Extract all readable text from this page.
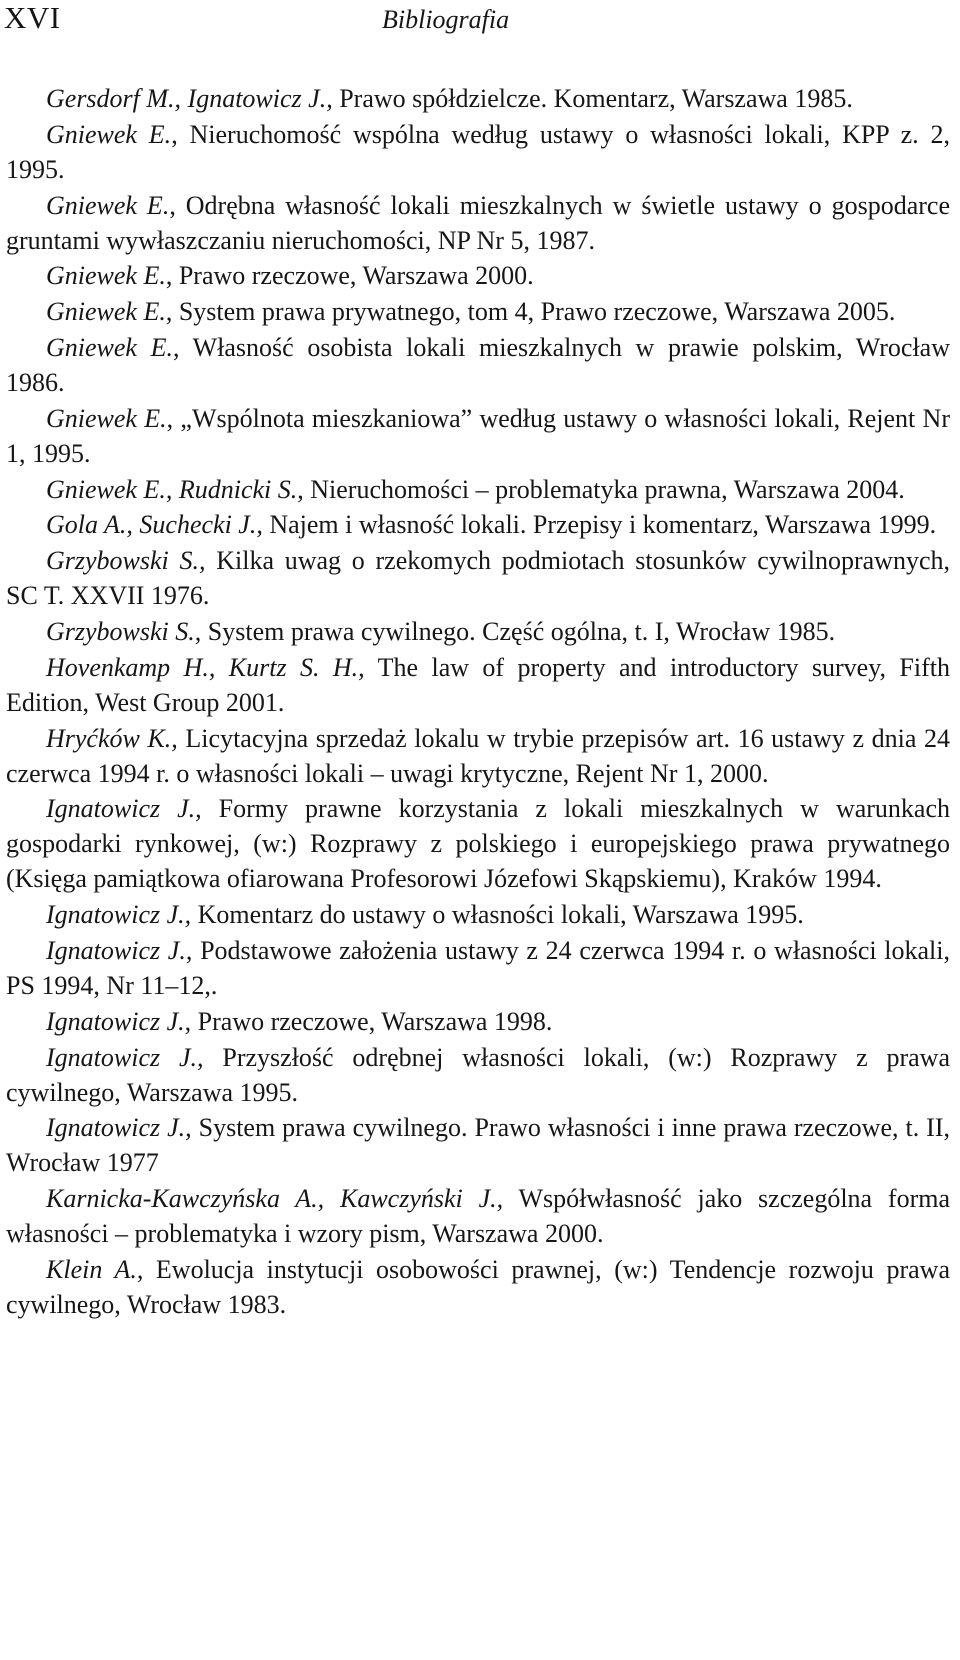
XVI	Bibliografia

Gersdorf M., Ignatowicz J., Prawo spółdzielcze. Komentarz, Warszawa 1985.

Gniewek E., Nieruchomość wspólna według ustawy o własności lokali, KPP z. 2, 1995.

Gniewek E., Odrębna własność lokali mieszkalnych w świetle ustawy o gospodarce gruntami wywłaszczaniu nieruchomości, NP Nr 5, 1987.

Gniewek E., Prawo rzeczowe, Warszawa 2000.

Gniewek E., System prawa prywatnego, tom 4, Prawo rzeczowe, Warszawa 2005.

Gniewek E., Własność osobista lokali mieszkalnych w prawie polskim, Wrocław 1986.

Gniewek E., „Wspólnota mieszkaniowa” według ustawy o własności lokali, Rejent Nr 1, 1995.

Gniewek E., Rudnicki S., Nieruchomości – problematyka prawna, Warszawa 2004.

Gola A., Suchecki J., Najem i własność lokali. Przepisy i komentarz, Warszawa 1999.

Grzybowski S., Kilka uwag o rzekomych podmiotach stosunków cywilnoprawnych, SC T. XXVII 1976.

Grzybowski S., System prawa cywilnego. Część ogólna, t. I, Wrocław 1985.

Hovenkamp H., Kurtz S. H., The law of property and introductory survey, Fifth Edition, West Group 2001.

Hryćków K., Licytacyjna sprzedaż lokalu w trybie przepisów art. 16 ustawy z dnia 24 czerwca 1994 r. o własności lokali – uwagi krytyczne, Rejent Nr 1, 2000.

Ignatowicz J., Formy prawne korzystania z lokali mieszkalnych w warunkach gospodarki rynkowej, (w:) Rozprawy z polskiego i europejskiego prawa prywatnego (Księga pamiątkowa ofiarowana Profesorowi Józefowi Skąpskiemu), Kraków 1994.

Ignatowicz J., Komentarz do ustawy o własności lokali, Warszawa 1995.

Ignatowicz J., Podstawowe założenia ustawy z 24 czerwca 1994 r. o własności lokali, PS 1994, Nr 11–12,.

Ignatowicz J., Prawo rzeczowe, Warszawa 1998.

Ignatowicz J., Przyszłość odrębnej własności lokali, (w:) Rozprawy z prawa cywilnego, Warszawa 1995.

Ignatowicz J., System prawa cywilnego. Prawo własności i inne prawa rzeczowe, t. II, Wrocław 1977

Karnicka-Kawczyńska A., Kawczyński J., Współwłasność jako szczególna forma własności – problematyka i wzory pism, Warszawa 2000.

Klein A., Ewolucja instytucji osobowości prawnej, (w:) Tendencje rozwoju prawa cywilnego, Wrocław 1983.
